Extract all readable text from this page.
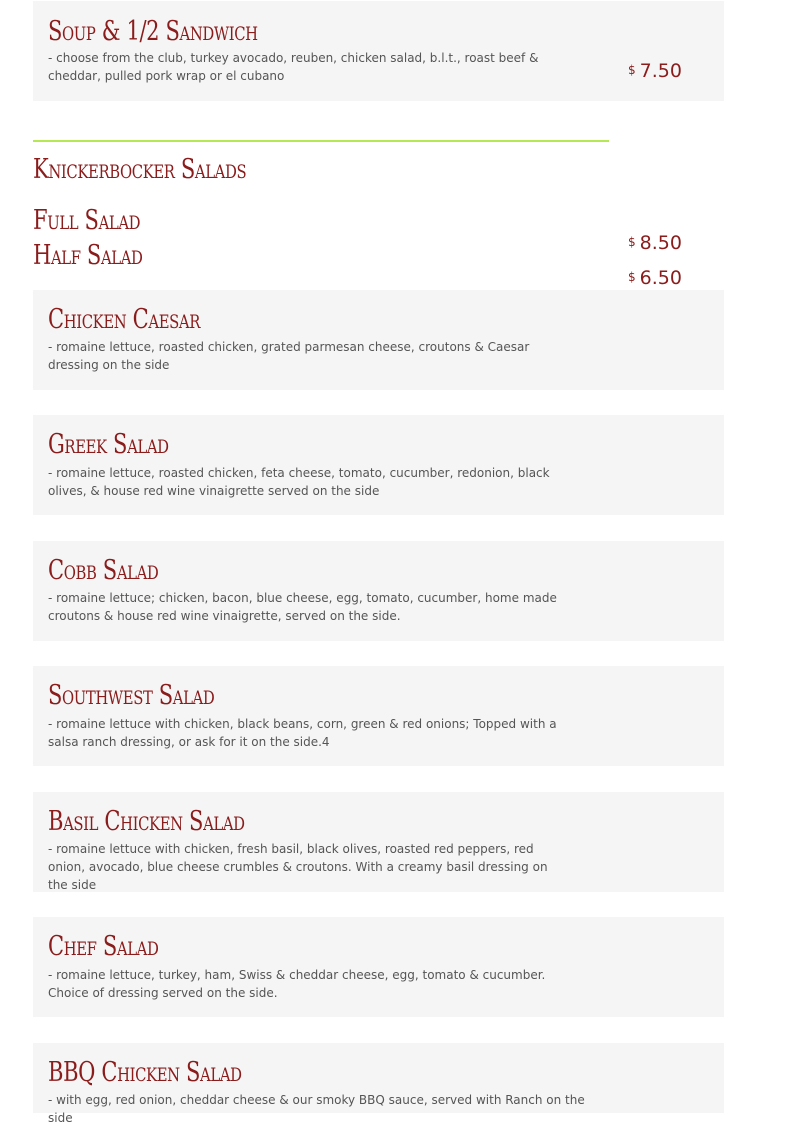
Soup & 1/2 Sandwich
- choose from the club, turkey avocado, reuben, chicken salad, b.l.t., roast beef & cheddar, pulled pork wrap or el cubano	$ 7.50
Knickerbocker Salads
Full Salad
Half Salad
Chicken Caesar
- romaine lettuce, roasted chicken, grated parmesan cheese, croutons & Caesar dressing on the side
$ 8.50
$ 6.50
Greek Salad
- romaine lettuce, roasted chicken, feta cheese, tomato, cucumber, redonion, black olives, & house red wine vinaigrette served on the side
Cobb Salad
- romaine lettuce; chicken, bacon, blue cheese, egg, tomato, cucumber, home made croutons & house red wine vinaigrette, served on the side.
Southwest Salad
- romaine lettuce with chicken, black beans, corn, green & red onions; Topped with a salsa ranch dressing, or ask for it on the side.4
Basil Chicken Salad
- romaine lettuce with chicken, fresh basil, black olives, roasted red peppers, red onion, avocado, blue cheese crumbles & croutons. With a creamy basil dressing on the side
Chef Salad
- romaine lettuce, turkey, ham, Swiss & cheddar cheese, egg, tomato & cucumber. Choice of dressing served on the side.
BBQ Chicken Salad
- with egg, red onion, cheddar cheese & our smoky BBQ sauce, served with Ranch on the side
